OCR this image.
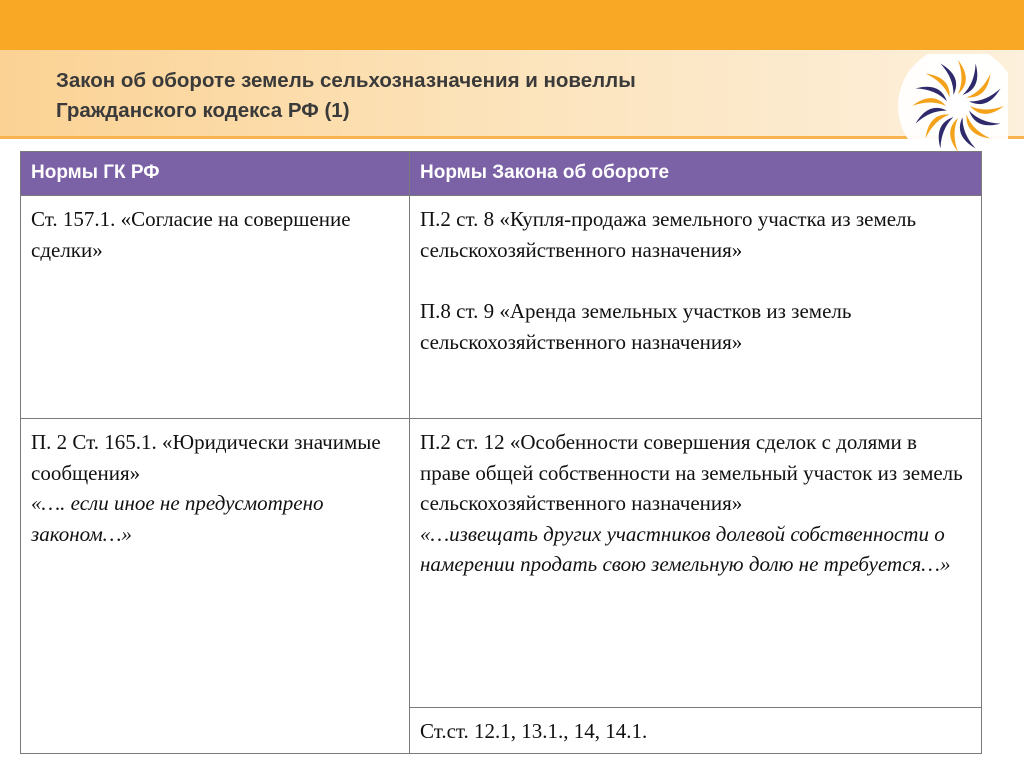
Закон об обороте земель сельхозназначения и новеллы
Гражданского кодекса РФ (1)
Нормы ГК РФ	Нормы Закона об обороте

Ст. 157.1. «Согласие на совершение сделки»	П.2 ст. 8 «Купля-продажа земельного участка из земель сельскохозяйственного назначения»
П.8 ст. 9 «Аренда земельных участков из земель сельскохозяйственного назначения»

П. 2 Ст. 165.1. «Юридически значимые сообщения»
«…. если иное не предусмотрено законом…»	П.2 ст. 12 «Особенности совершения сделок с долями в праве общей собственности на земельный участок из земель сельскохозяйственного назначения»
«…извещать других участников долевой собственности о намерении продать свою земельную долю не требуется…»

	Ст.ст. 12.1, 13.1., 14, 14.1.
